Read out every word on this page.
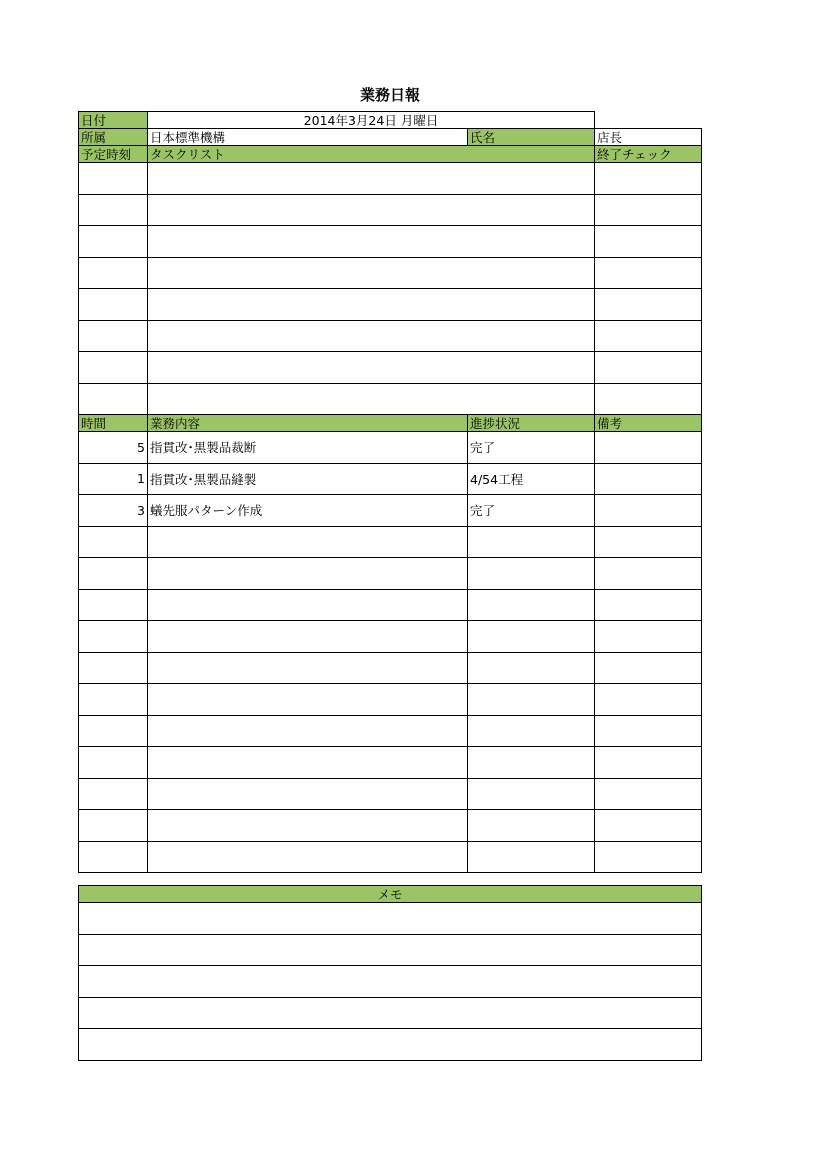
業務日報
日付	2014年3月24日 月曜日		
所属	日本標準機構	氏名	店長
予定時刻	タスクリスト		終了チェック

時間	業務内容	進捗状況	備考
5	指貫改･黒製品裁断	完了	
1	指貫改･黒製品縫製	4/54工程	
3	蟻先服パターン作成	完了	

メモ
